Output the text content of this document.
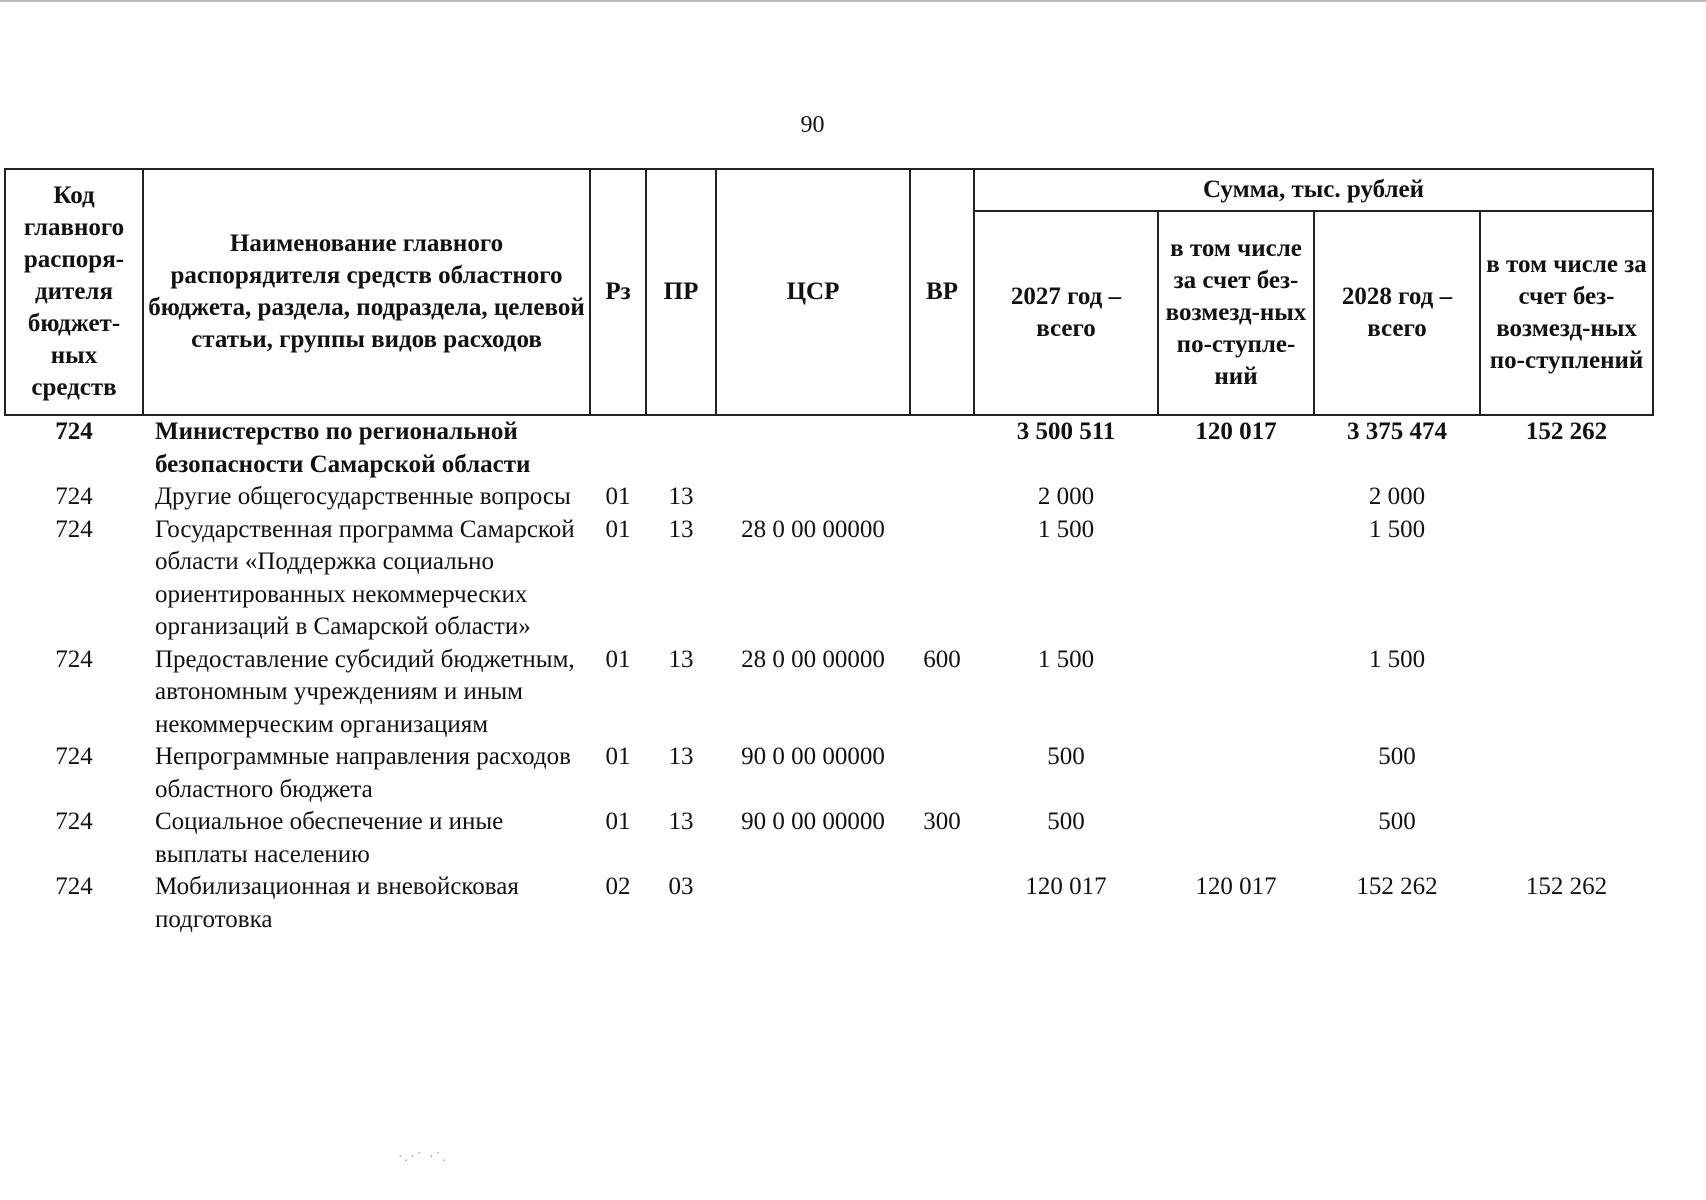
90
Код главного распоря-дителя бюджет-ных средств	Наименование главного распорядителя средств областного бюджета, раздела, подраздела, целевой статьи, группы видов расходов	Рз	ПР	ЦСР	ВР	Сумма, тыс. рублей			
						2027 год – всего	в том числе за счет без-возмезд-ных по-ступле-ний	2028 год – всего	в том числе за счет без-возмезд-ных по-ступлений
724	Министерство по региональной безопасности Самарской области					3 500 511	120 017	3 375 474	152 262
724	Другие общегосударственные вопросы	01	13			2 000		2 000	
724	Государственная программа Самарской области «Поддержка социально ориентированных некоммерческих организаций в Самарской области»	01	13	28 0 00 00000		1 500		1 500	
724	Предоставление субсидий бюджетным, автономным учреждениям и иным некоммерческим организациям	01	13	28 0 00 00000	600	1 500		1 500	
724	Непрограммные направления расходов областного бюджета	01	13	90 0 00 00000		500		500	
724	Социальное обеспечение и иные выплаты населению	01	13	90 0 00 00000	300	500		500	
724	Мобилизационная и вневойсковая подготовка	02	03			120 017	120 017	152 262	152 262
·.·˙ ·˙.
